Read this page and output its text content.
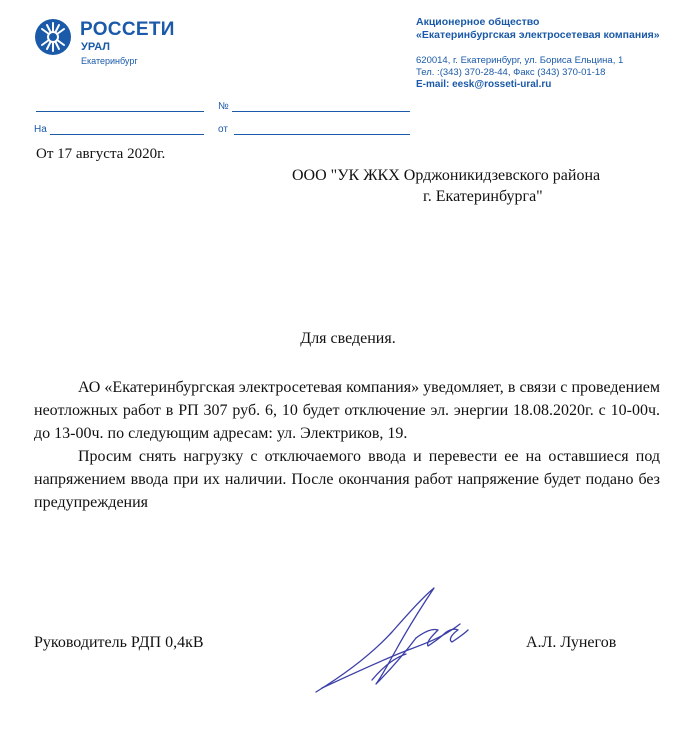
РОССЕТИ
УРАЛ
Екатеринбург
Акционерное общество
«Екатеринбургская электросетевая компания»
620014, г. Екатеринбург, ул. Бориса Ельцина, 1
Тел. :(343) 370-28-44, Факс (343) 370-01-18
E-mail: eesk@rosseti-ural.ru
№
На	от
От 17 августа 2020г.
ООО "УК ЖКХ Орджоникидзевского района
г. Екатеринбурга"
Для сведения.

АО «Екатеринбургская электросетевая компания» уведомляет, в связи с проведением неотложных работ в РП 307 руб. 6, 10 будет отключение эл. энергии 18.08.2020г. с 10-00ч. до 13-00ч. по следующим адресам: ул. Электриков, 19.

Просим снять нагрузку с отключаемого ввода и перевести ее на оставшиеся под напряжением ввода при их наличии. После окончания работ напряжение будет подано без предупреждения

Руководитель РДП 0,4кВ	А.Л. Лунегов
